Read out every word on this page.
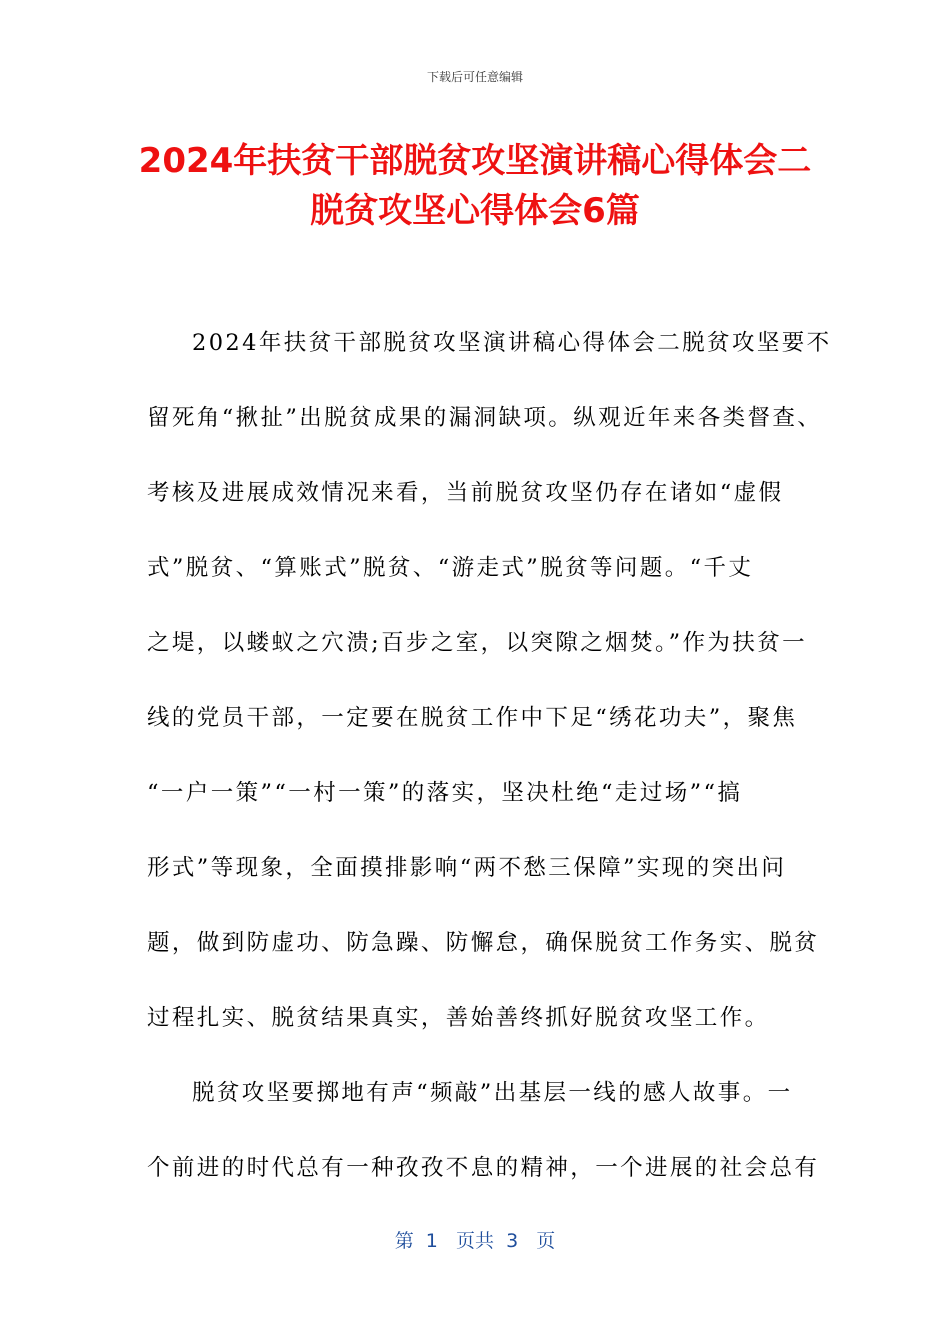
下载后可任意编辑
2024年扶贫干部脱贫攻坚演讲稿心得体会二
脱贫攻坚心得体会6篇
2024年扶贫干部脱贫攻坚演讲稿心得体会二脱贫攻坚要不
留死角“揪扯”出脱贫成果的漏洞缺项。纵观近年来各类督查、
考核及进展成效情况来看，当前脱贫攻坚仍存在诸如“虚假
式”脱贫、“算账式”脱贫、“游走式”脱贫等问题。“千丈
之堤，以蝼蚁之穴溃;百步之室，以突隙之烟焚。”作为扶贫一
线的党员干部，一定要在脱贫工作中下足“绣花功夫”，聚焦
“一户一策”“一村一策”的落实，坚决杜绝“走过场”“搞
形式”等现象，全面摸排影响“两不愁三保障”实现的突出问
题，做到防虚功、防急躁、防懈怠，确保脱贫工作务实、脱贫
过程扎实、脱贫结果真实，善始善终抓好脱贫攻坚工作。
脱贫攻坚要掷地有声“频敲”出基层一线的感人故事。一
个前进的时代总有一种孜孜不息的精神，一个进展的社会总有
第  1   页共  3   页
